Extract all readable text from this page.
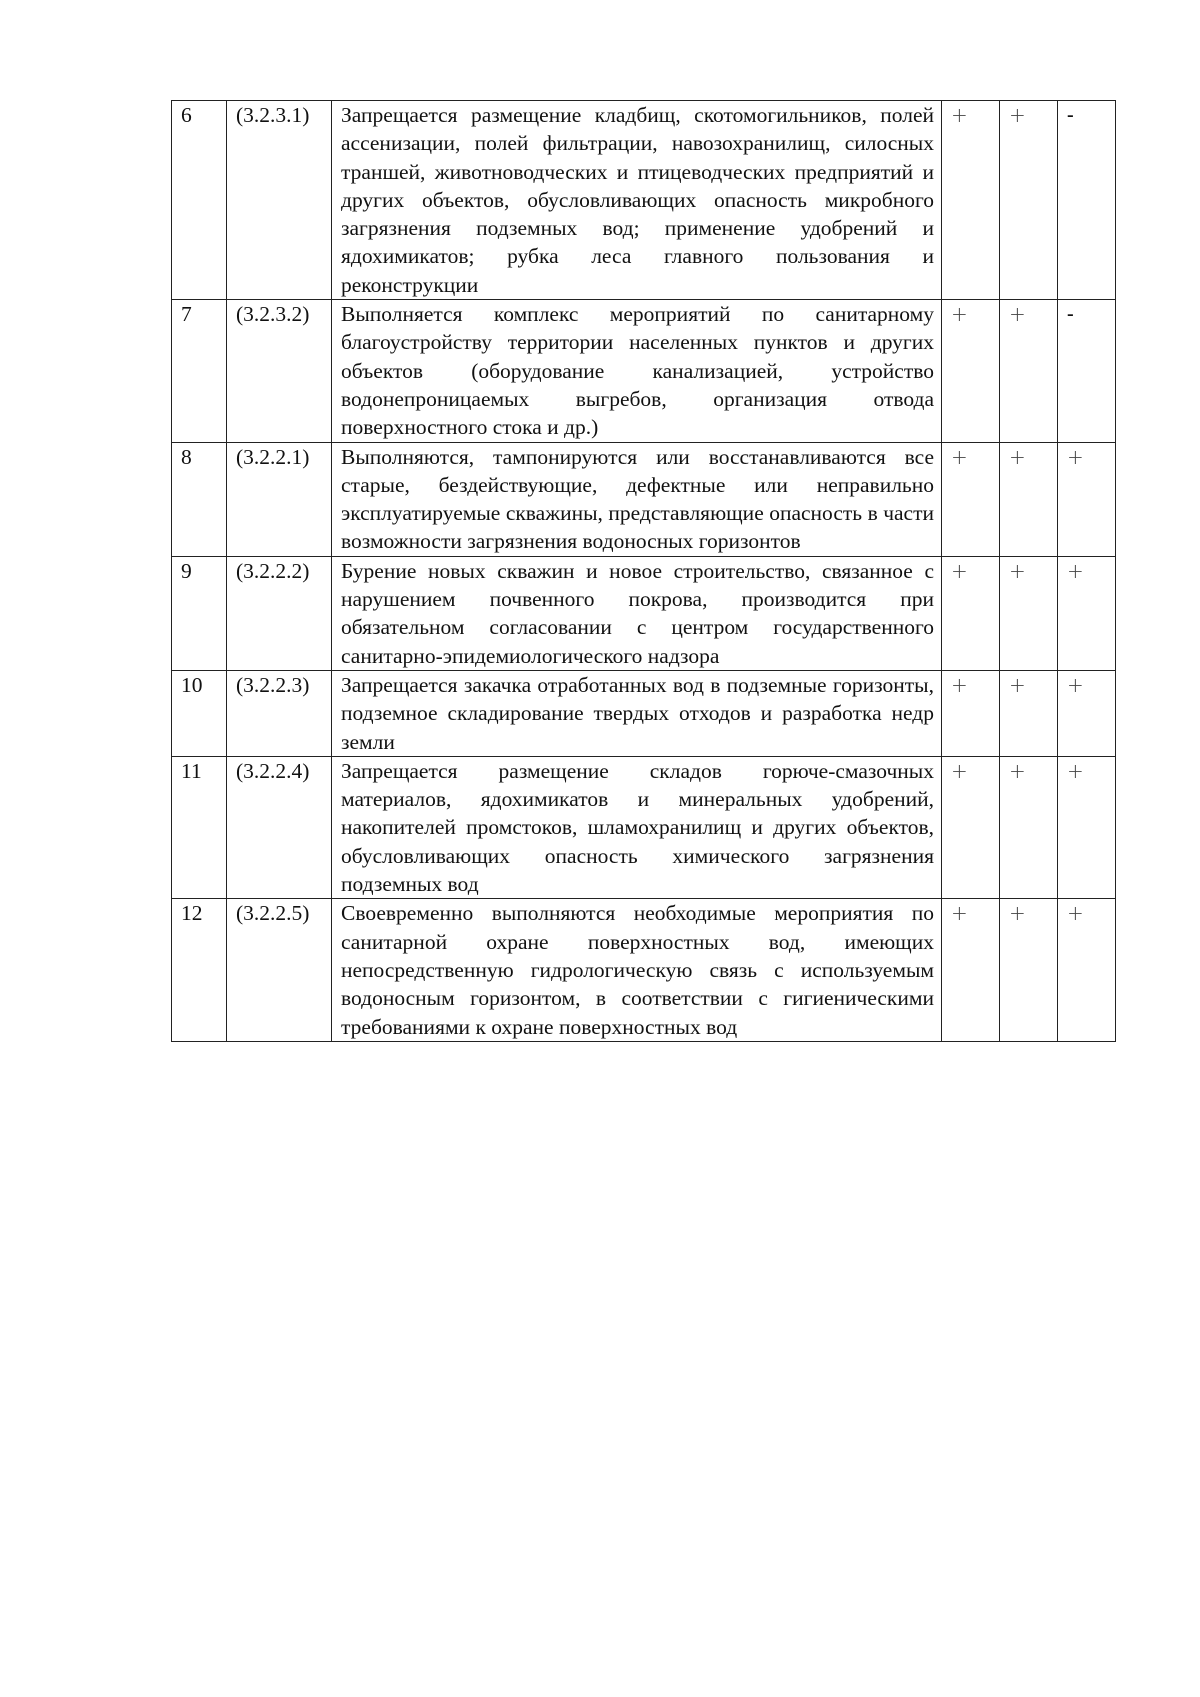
6	(3.2.3.1)	Запрещается размещение кладбищ, скотомогильников, полей ассенизации, полей фильтрации, навозохранилищ, силосных траншей, животноводческих и птицеводческих предприятий и других объектов, обусловливающих опасность микробного загрязнения подземных вод; применение удобрений и ядохимикатов; рубка леса главного пользования и реконструкции	+	+	-
7	(3.2.3.2)	Выполняется комплекс мероприятий по санитарному благоустройству территории населенных пунктов и других объектов (оборудование канализацией, устройство водонепроницаемых выгребов, организация отвода поверхностного стока и др.)	+	+	-
8	(3.2.2.1)	Выполняются, тампонируются или восстанавливаются все старые, бездействующие, дефектные или неправильно эксплуатируемые скважины, представляющие опасность в части возможности загрязнения водоносных горизонтов	+	+	+
9	(3.2.2.2)	Бурение новых скважин и новое строительство, связанное с нарушением почвенного покрова, производится при обязательном согласовании с центром государственного санитарно-эпидемиологического надзора	+	+	+
10	(3.2.2.3)	Запрещается закачка отработанных вод в подземные горизонты, подземное складирование твердых отходов и разработка недр земли	+	+	+
11	(3.2.2.4)	Запрещается размещение складов горюче-смазочных материалов, ядохимикатов и минеральных удобрений, накопителей промстоков, шламохранилищ и других объектов, обусловливающих опасность химического загрязнения подземных вод	+	+	+
12	(3.2.2.5)	Своевременно выполняются необходимые мероприятия по санитарной охране поверхностных вод, имеющих непосредственную гидрологическую связь с используемым водоносным горизонтом, в соответствии с гигиеническими требованиями к охране поверхностных вод	+	+	+
